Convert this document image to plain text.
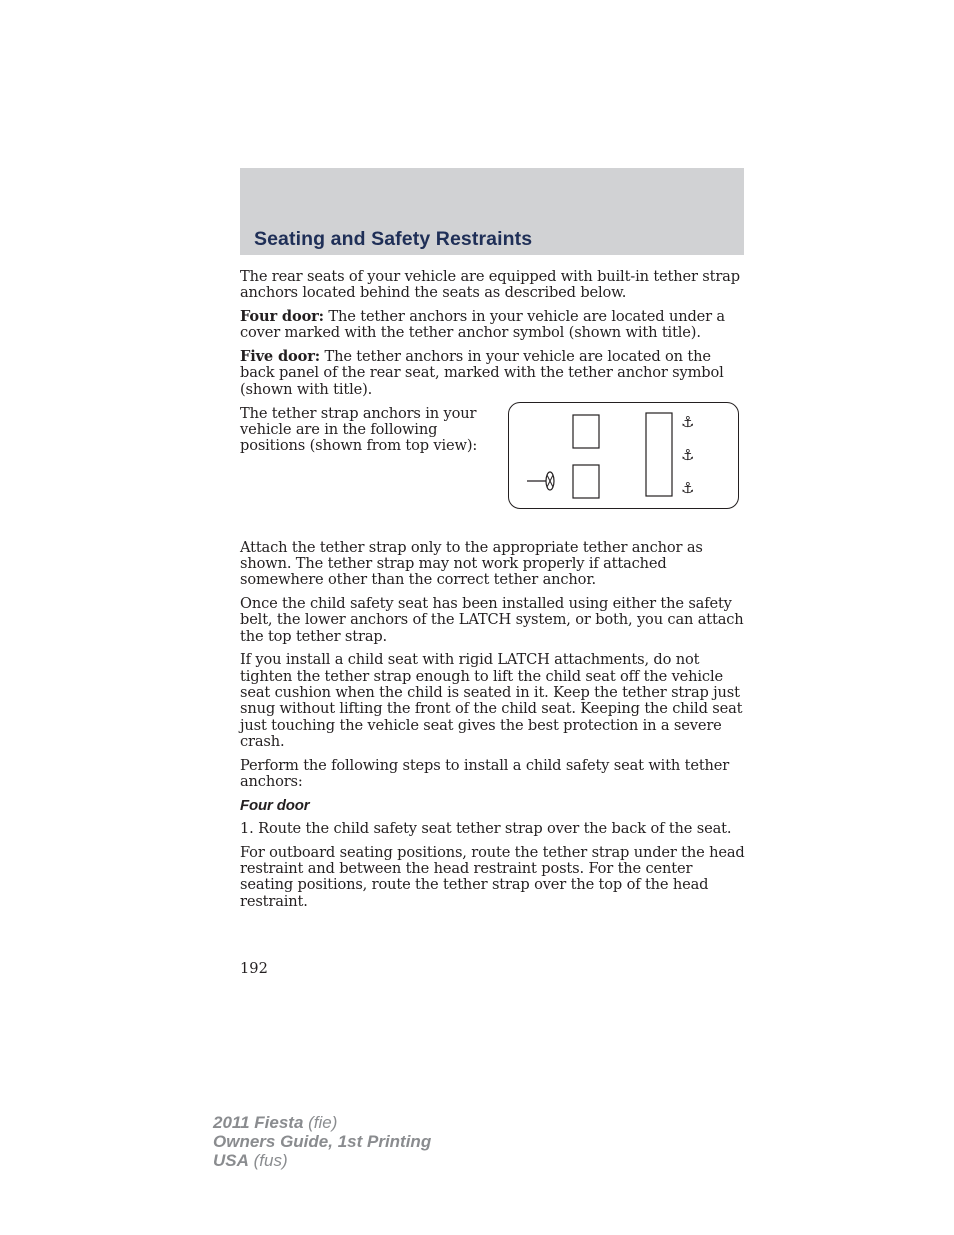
Seating and Safety Restraints

The rear seats of your vehicle are equipped with built-in tether strap anchors located behind the seats as described below.

Four door: The tether anchors in your vehicle are located under a cover marked with the tether anchor symbol (shown with title).

Five door: The tether anchors in your vehicle are located on the back panel of the rear seat, marked with the tether anchor symbol (shown with title).

The tether strap anchors in your vehicle are in the following positions (shown from top view):

⚓
⚓
⚓

Attach the tether strap only to the appropriate tether anchor as shown. The tether strap may not work properly if attached somewhere other than the correct tether anchor.

Once the child safety seat has been installed using either the safety belt, the lower anchors of the LATCH system, or both, you can attach the top tether strap.

If you install a child seat with rigid LATCH attachments, do not tighten the tether strap enough to lift the child seat off the vehicle seat cushion when the child is seated in it. Keep the tether strap just snug without lifting the front of the child seat. Keeping the child seat just touching the vehicle seat gives the best protection in a severe crash.

Perform the following steps to install a child safety seat with tether anchors:

Four door

1. Route the child safety seat tether strap over the back of the seat.

For outboard seating positions, route the tether strap under the head restraint and between the head restraint posts. For the center seating positions, route the tether strap over the top of the head restraint.

192
2011 Fiesta (fie)
Owners Guide, 1st Printing
USA (fus)
